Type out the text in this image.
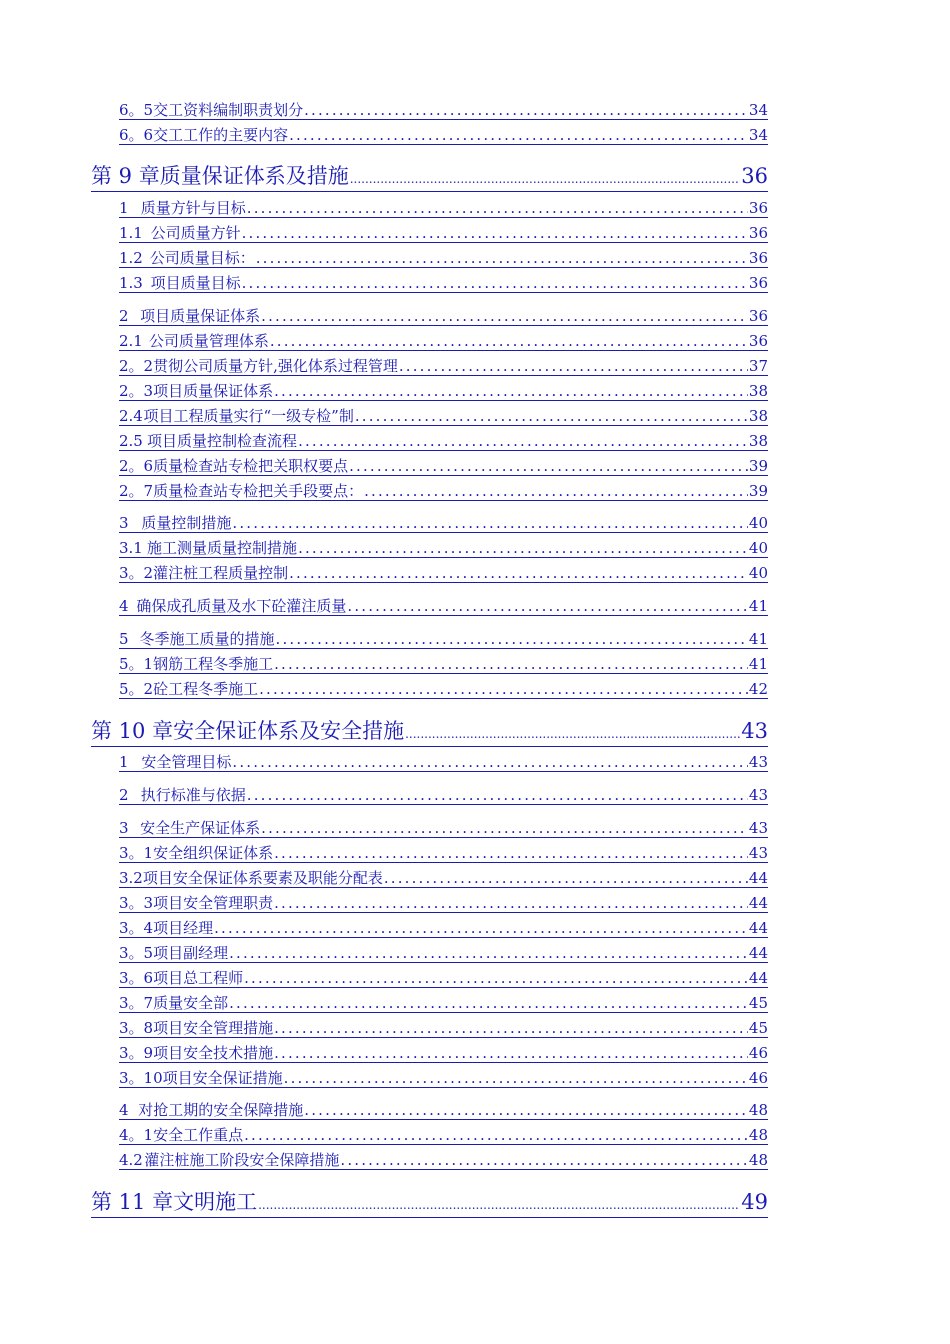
6。5 交工资料编制职责划分 . . .	34
6。6 交工工作的主要内容 . . .	34
第 9 章 质量保证体系及措施 .....	36
1 质量方针与目标 . . .	36
1.1 公司质量方针 . . .	36
1.2 公司质量目标： . . .	36
1.3 项目质量目标 . . .	36
2 项目质量保证体系 . . .	36
2.1 公司质量管理体系 . . .	36
2。2 贯彻公司质量方针,强化体系过程管理 . . .	37
2。3 项目质量保证体系 . . .	38
2.4 项目工程质量实行“一级专检”制 . . .	38
2.5 项目质量控制检查流程 . . .	38
2。6 质量检查站专检把关职权要点 . . .	39
2。7 质量检查站专检把关手段要点： . . .	39
3 质量控制措施 . . .	40
3.1 施工测量质量控制措施 . . .	40
3。2 灌注桩工程质量控制 . . .	40
4 确保成孔质量及水下砼灌注质量 . . .	41
5 冬季施工质量的措施 . . .	41
5。1 钢筋工程冬季施工 . . .	41
5。2 砼工程冬季施工 . . .	42
第 10 章 安全保证体系及安全措施 .....	43
1 安全管理目标 . . .	43
2 执行标准与依据 . . .	43
3 安全生产保证体系 . . .	43
3。1 安全组织保证体系 . . .	43
3.2 项目安全保证体系要素及职能分配表 . . .	44
3。3 项目安全管理职责 . . .	44
3。4 项目经理 . . .	44
3。5 项目副经理 . . .	44
3。6 项目总工程师 . . .	44
3。7 质量安全部 . . .	45
3。8 项目安全管理措施 . . .	45
3。9 项目安全技术措施 . . .	46
3。10 项目安全保证措施 . . .	46
4 对抢工期的安全保障措施 . . .	48
4。1 安全工作重点 . . .	48
4.2 灌注桩施工阶段安全保障措施 . . .	48
第 11 章 文明施工 .....	49
